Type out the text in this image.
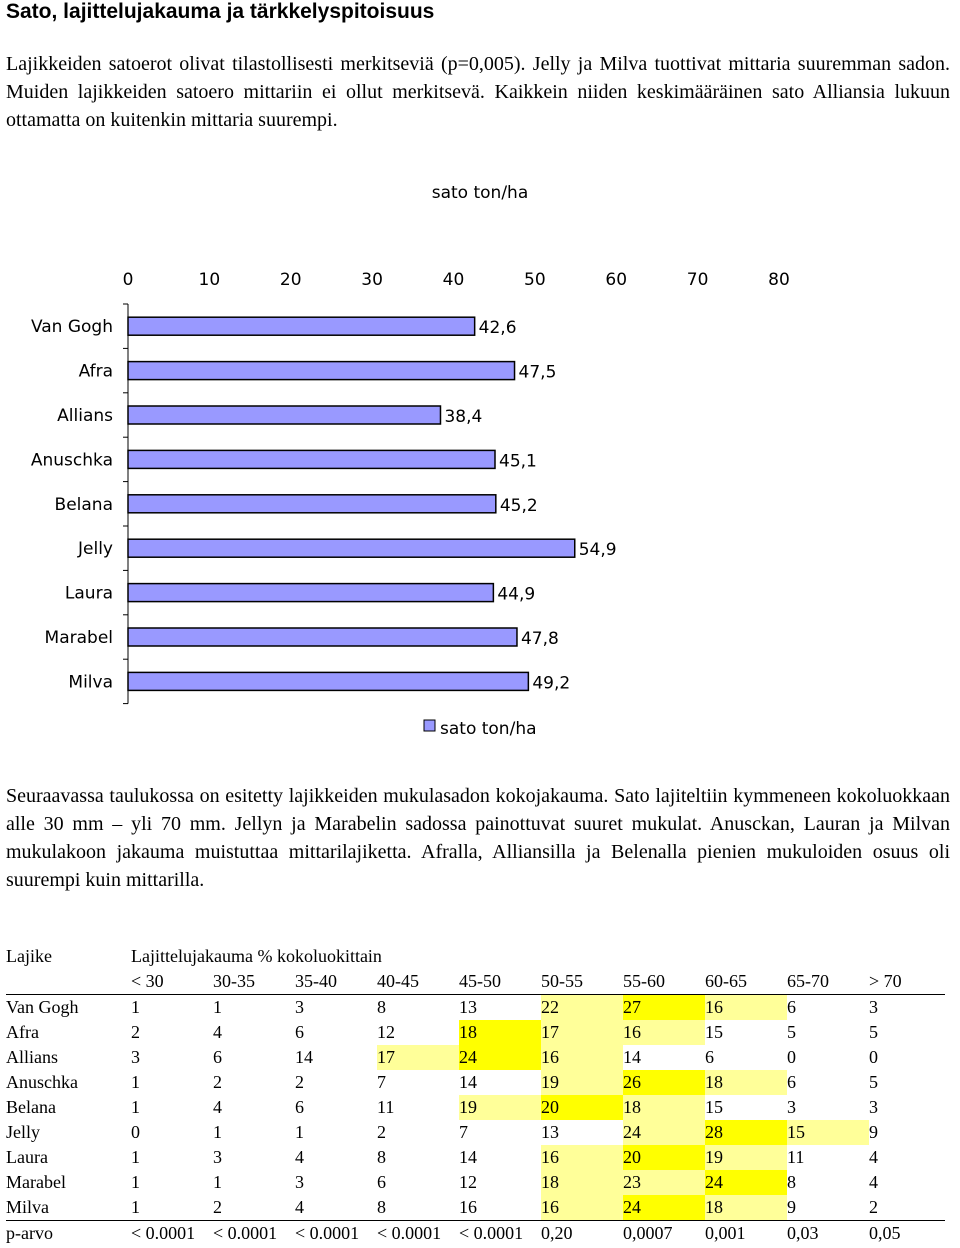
Sato, lajittelujakauma ja tärkkelyspitoisuus
Lajikkeiden satoerot olivat tilastollisesti merkitseviä (p=0,005). Jelly ja Milva tuottivat mittaria suuremman sadon. Muiden lajikkeiden satoero mittariin ei ollut merkitsevä. Kaikkein niiden keskimääräinen sato Alliansia lukuun ottamatta on kuitenkin mittaria suurempi.
sato ton/ha
0	10	20	30	40	50	60	70	80
Van Gogh	42,6
Afra	47,5
Allians	38,4
Anuschka	45,1
Belana	45,2
Jelly	54,9
Laura	44,9
Marabel	47,8
Milva	49,2
sato ton/ha
Seuraavassa taulukossa on esitetty lajikkeiden mukulasadon kokojakauma. Sato lajiteltiin kymmeneen kokoluokkaan alle 30 mm – yli 70 mm. Jellyn ja Marabelin sadossa painottuvat suuret mukulat. Anusckan, Lauran ja Milvan mukulakoon jakauma muistuttaa mittarilajiketta. Afralla, Alliansilla ja Belenalla pienien mukuloiden osuus oli suurempi kuin mittarilla.
Lajike	Lajittelujakauma % kokoluokittain									
	< 30	30-35	35-40	40-45	45-50	50-55	55-60	60-65	65-70	> 70
Van Gogh	1	1	3	8	13	22	27	16	6	3
Afra	2	4	6	12	18	17	16	15	5	5
Allians	3	6	14	17	24	16	14	6	0	0
Anuschka	1	2	2	7	14	19	26	18	6	5
Belana	1	4	6	11	19	20	18	15	3	3
Jelly	0	1	1	2	7	13	24	28	15	9
Laura	1	3	4	8	14	16	20	19	11	4
Marabel	1	1	3	6	12	18	23	24	8	4
Milva	1	2	4	8	16	16	24	18	9	2
p-arvo	< 0.0001	< 0.0001	< 0.0001	< 0.0001	< 0.0001	0,20	0,0007	0,001	0,03	0,05
